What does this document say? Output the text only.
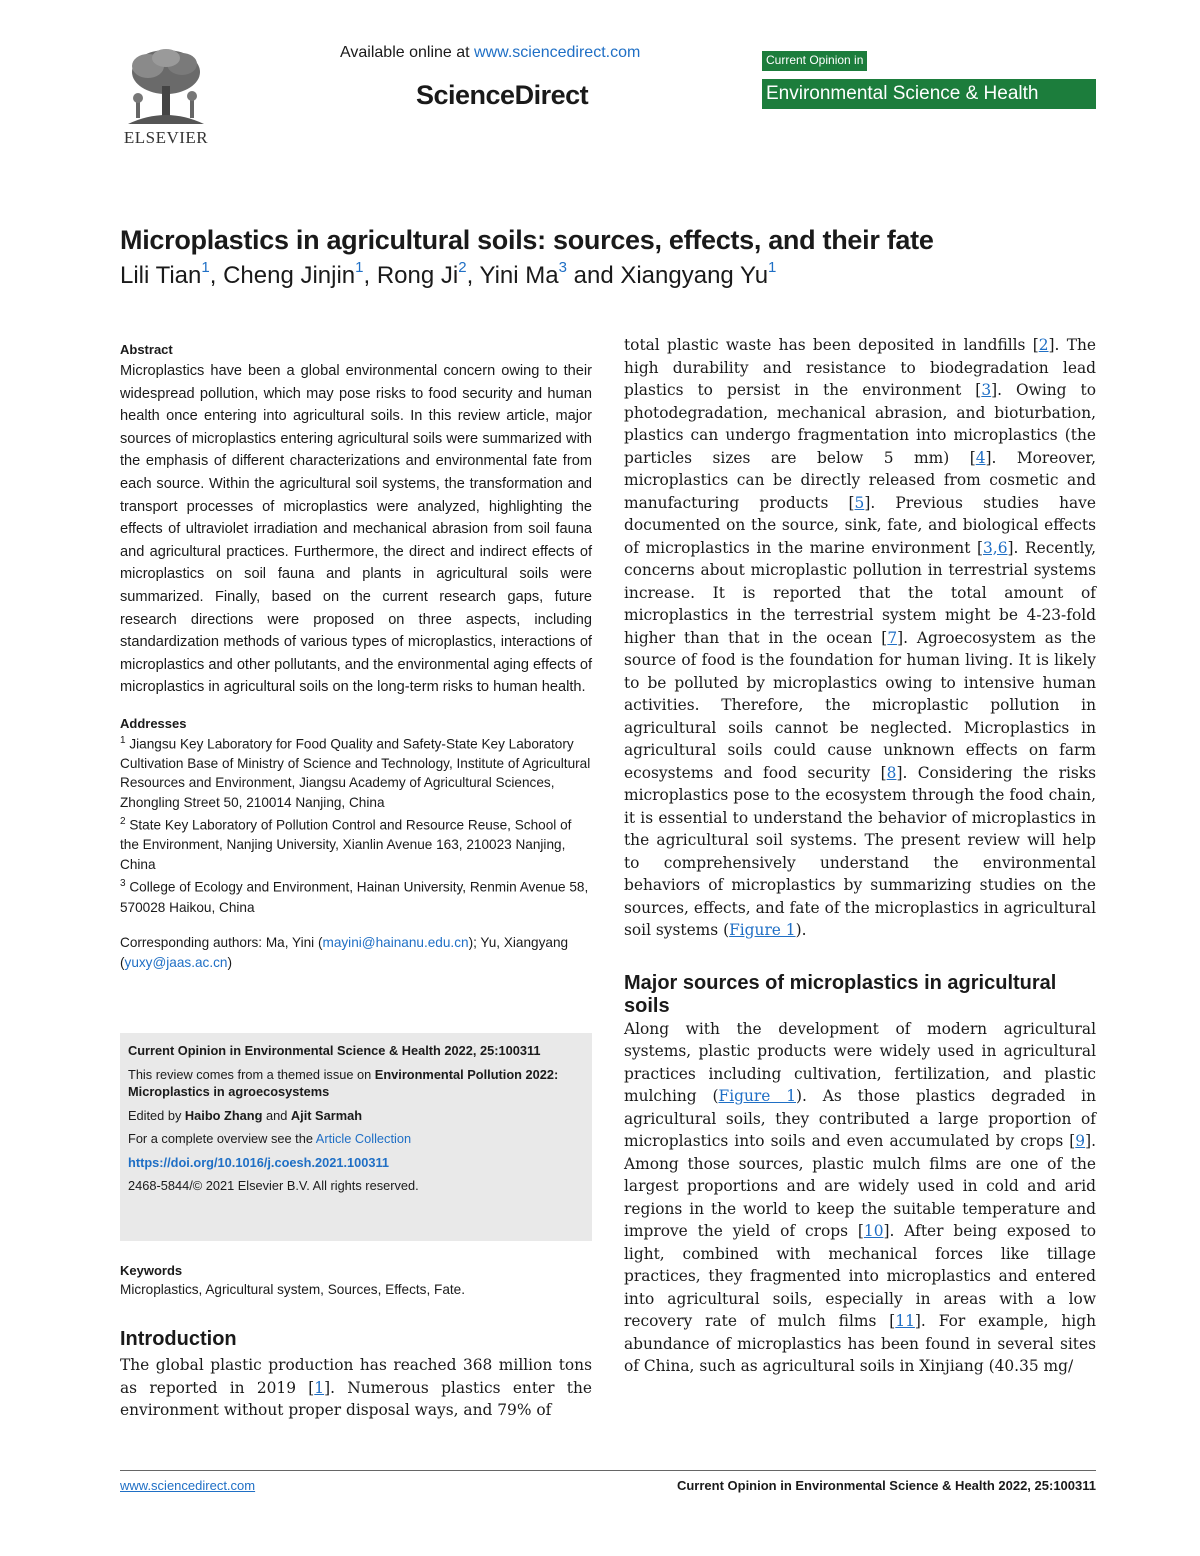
ELSEVIER
Available online at www.sciencedirect.com
ScienceDirect
Current Opinion in
Environmental Science & Health
Microplastics in agricultural soils: sources, effects, and their fate
Lili Tian$^1$, Cheng Jinjin$^1$, Rong Ji$^2$, Yini Ma$^3$ and Xiangyang Yu$^1$
Abstract

Microplastics have been a global environmental concern owing to their widespread pollution, which may pose risks to food security and human health once entering into agricultural soils. In this review article, major sources of microplastics entering agricultural soils were summarized with the emphasis of different characterizations and environmental fate from each source. Within the agricultural soil systems, the transformation and transport processes of microplastics were analyzed, highlighting the effects of ultraviolet irradiation and mechanical abrasion from soil fauna and agricultural practices. Furthermore, the direct and indirect effects of microplastics on soil fauna and plants in agricultural soils were summarized. Finally, based on the current research gaps, future research directions were proposed on three aspects, including standardization methods of various types of microplastics, interactions of microplastics and other pollutants, and the environmental aging effects of microplastics in agricultural soils on the long-term risks to human health.

Addresses
$^1$ Jiangsu Key Laboratory for Food Quality and Safety-State Key Laboratory Cultivation Base of Ministry of Science and Technology, Institute of Agricultural Resources and Environment, Jiangsu Academy of Agricultural Sciences, Zhongling Street 50, 210014 Nanjing, China
$^2$ State Key Laboratory of Pollution Control and Resource Reuse, School of the Environment, Nanjing University, Xianlin Avenue 163, 210023 Nanjing, China
$^3$ College of Ecology and Environment, Hainan University, Renmin Avenue 58, 570028 Haikou, China
Corresponding authors: Ma, Yini (mayini@hainanu.edu.cn); Yu, Xiangyang (yuxy@jaas.ac.cn)
Current Opinion in Environmental Science & Health 2022, 25:100311
This review comes from a themed issue on Environmental Pollution 2022: Microplastics in agroecosystems
Edited by Haibo Zhang and Ajit Sarmah
For a complete overview see the Article Collection
https://doi.org/10.1016/j.coesh.2021.100311
2468-5844/© 2021 Elsevier B.V. All rights reserved.
Keywords
Microplastics, Agricultural system, Sources, Effects, Fate.
Introduction

The global plastic production has reached 368 million tons as reported in 2019 [1]. Numerous plastics enter the environment without proper disposal ways, and 79% of

total plastic waste has been deposited in landfills [2]. The high durability and resistance to biodegradation lead plastics to persist in the environment [3]. Owing to photodegradation, mechanical abrasion, and bioturbation, plastics can undergo fragmentation into microplastics (the particles sizes are below 5 mm) [4]. Moreover, microplastics can be directly released from cosmetic and manufacturing products [5]. Previous studies have documented on the source, sink, fate, and biological effects of microplastics in the marine environment [3,6]. Recently, concerns about microplastic pollution in terrestrial systems increase. It is reported that the total amount of microplastics in the terrestrial system might be 4-23-fold higher than that in the ocean [7]. Agroecosystem as the source of food is the foundation for human living. It is likely to be polluted by microplastics owing to intensive human activities. Therefore, the microplastic pollution in agricultural soils cannot be neglected. Microplastics in agricultural soils could cause unknown effects on farm ecosystems and food security [8]. Considering the risks microplastics pose to the ecosystem through the food chain, it is essential to understand the behavior of microplastics in the agricultural soil systems. The present review will help to comprehensively understand the environmental behaviors of microplastics by summarizing studies on the sources, effects, and fate of the microplastics in agricultural soil systems (Figure 1).

Major sources of microplastics in agricultural soils

Along with the development of modern agricultural systems, plastic products were widely used in agricultural practices including cultivation, fertilization, and plastic mulching (Figure 1). As those plastics degraded in agricultural soils, they contributed a large proportion of microplastics into soils and even accumulated by crops [9]. Among those sources, plastic mulch films are one of the largest proportions and are widely used in cold and arid regions in the world to keep the suitable temperature and improve the yield of crops [10]. After being exposed to light, combined with mechanical forces like tillage practices, they fragmented into microplastics and entered into agricultural soils, especially in areas with a low recovery rate of mulch films [11]. For example, high abundance of microplastics has been found in several sites of China, such as agricultural soils in Xinjiang (40.35 mg/

www.sciencedirect.com	Current Opinion in Environmental Science & Health 2022, 25:100311
